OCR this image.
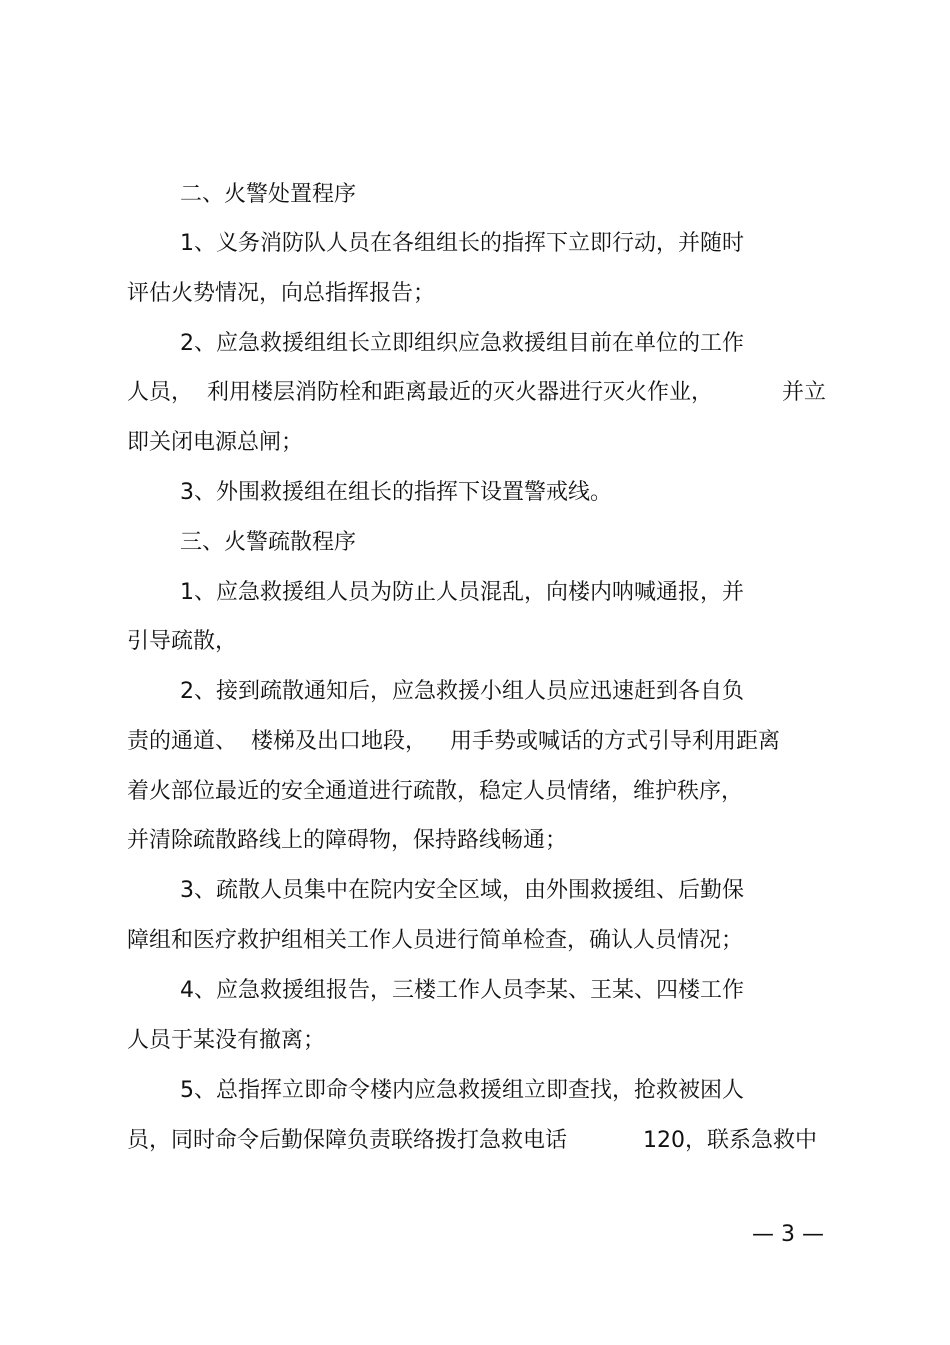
二、火警处置程序
1、义务消防队人员在各组组长的指挥下立即行动，并随时
评估火势情况，向总指挥报告；
2、应急救援组组长立即组织应急救援组目前在单位的工作
人员，  利用楼层消防栓和距离最近的灭火器进行灭火作业，	并立
即关闭电源总闸；
3、外围救援组在组长的指挥下设置警戒线。
三、火警疏散程序
1、应急救援组人员为防止人员混乱，向楼内呐喊通报，并
引导疏散，
2、接到疏散通知后，应急救援小组人员应迅速赶到各自负
责的通道、  楼梯及出口地段， 用手势或喊话的方式引导利用距离
着火部位最近的安全通道进行疏散，稳定人员情绪，维护秩序，
并清除疏散路线上的障碍物，保持路线畅通；
3、疏散人员集中在院内安全区域，由外围救援组、后勤保
障组和医疗救护组相关工作人员进行简单检查，确认人员情况；
4、应急救援组报告，三楼工作人员李某、王某、四楼工作
人员于某没有撤离；
5、总指挥立即命令楼内应急救援组立即查找，抢救被困人
员，同时命令后勤保障负责联络拨打急救电话	120，联系急救中
— 3 —
